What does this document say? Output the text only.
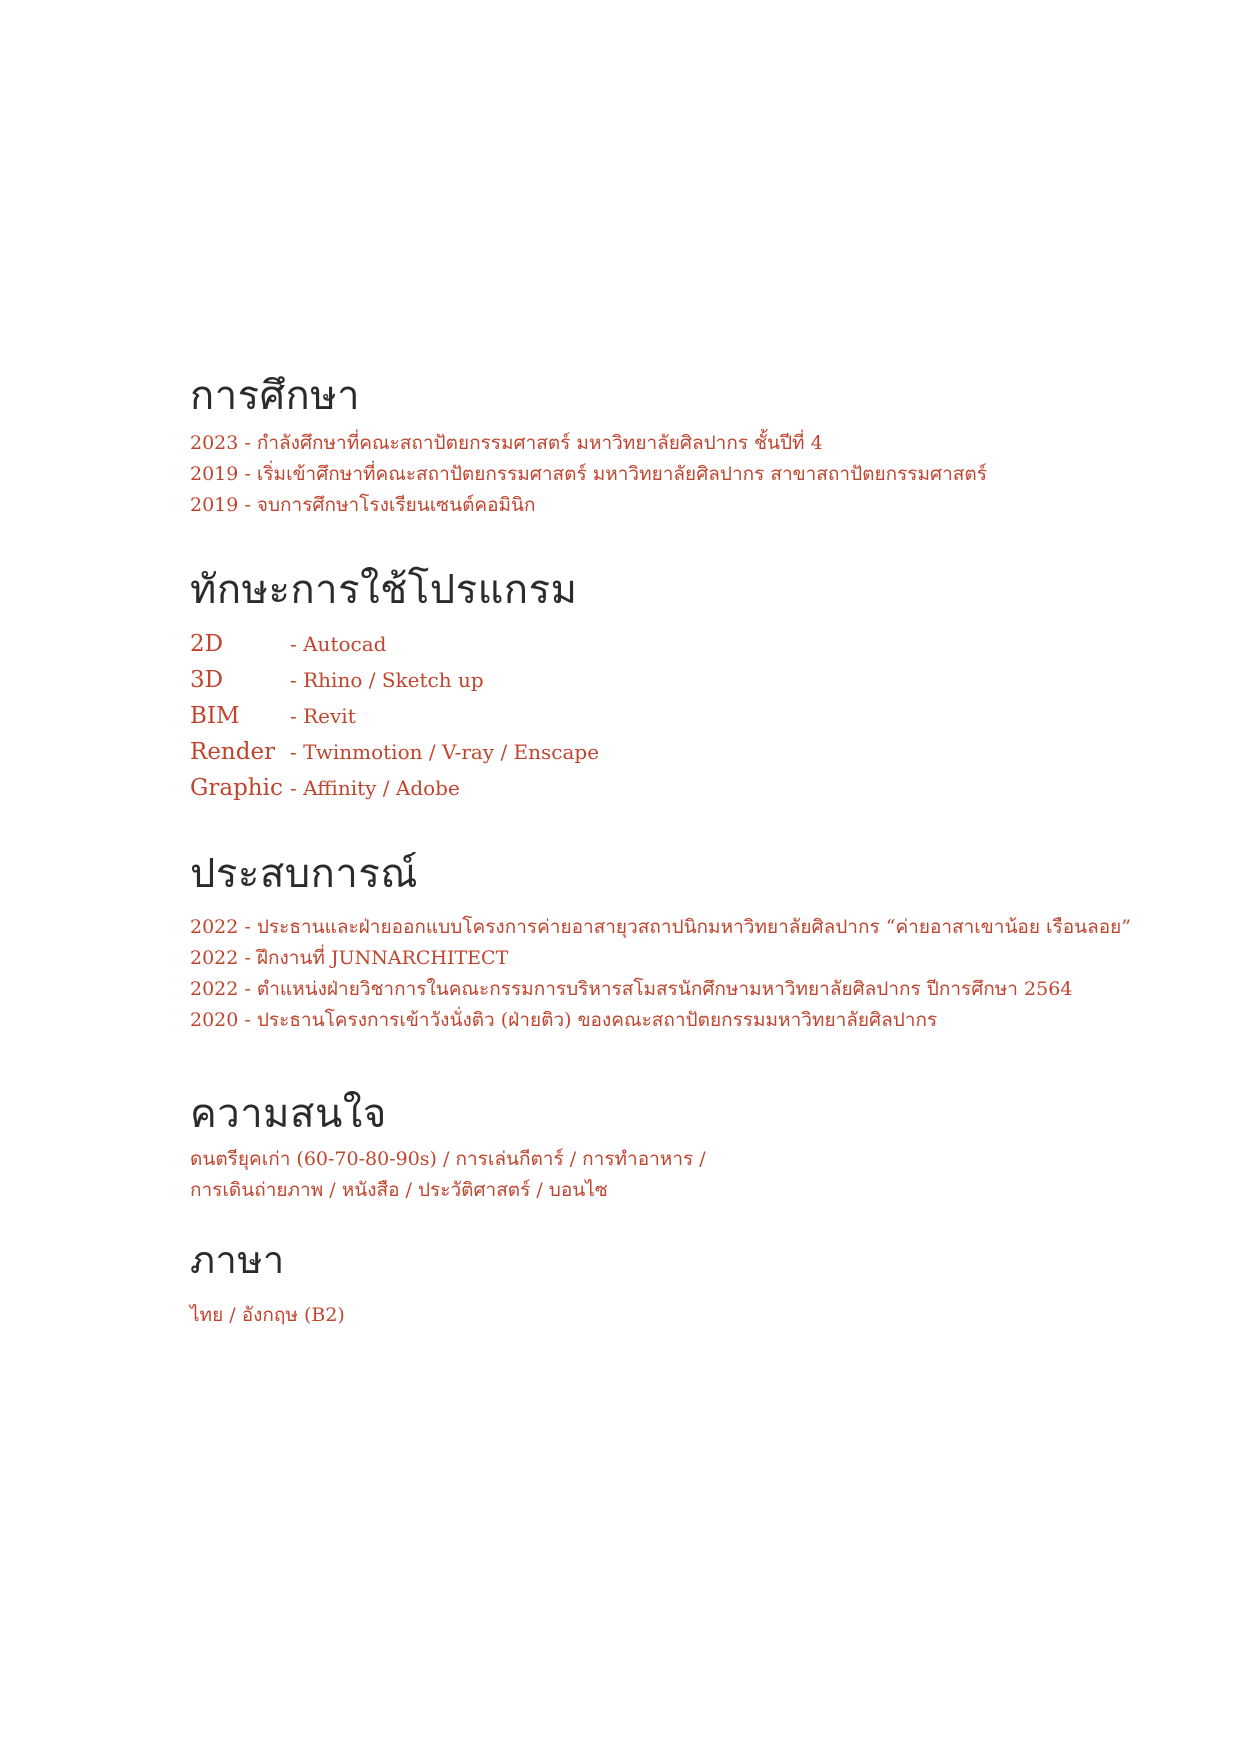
การศึกษา
2023 - กำลังศึกษาที่คณะสถาปัตยกรรมศาสตร์ มหาวิทยาลัยศิลปากร ชั้นปีที่ 4
2019 - เริ่มเข้าศึกษาที่คณะสถาปัตยกรรมศาสตร์ มหาวิทยาลัยศิลปากร สาขาสถาปัตยกรรมศาสตร์
2019 - จบการศึกษาโรงเรียนเซนต์คอมินิก
ทักษะการใช้โปรแกรม
2D	- Autocad
3D	- Rhino / Sketch up
BIM	- Revit
Render - Twinmotion / V-ray / Enscape
Graphic - Affinity / Adobe
ประสบการณ์
2022 - ประธานและฝ่ายออกแบบโครงการค่ายอาสายุวสถาปนิกมหาวิทยาลัยศิลปากร “ค่ายอาสาเขาน้อย เรือนลอย”
2022 - ฝึกงานที่ JUNNARCHITECT
2022 - ตำแหน่งฝ่ายวิชาการในคณะกรรมการบริหารสโมสรนักศึกษามหาวิทยาลัยศิลปากร ปีการศึกษา 2564
2020 - ประธานโครงการเข้าวังนั่งติว (ฝ่ายติว) ของคณะสถาปัตยกรรมมหาวิทยาลัยศิลปากร
ความสนใจ
ดนตรียุคเก่า (60-70-80-90s) / การเล่นกีตาร์ / การทำอาหาร /
การเดินถ่ายภาพ / หนังสือ / ประวัติศาสตร์ / บอนไซ
ภาษา
ไทย / อังกฤษ (B2)
